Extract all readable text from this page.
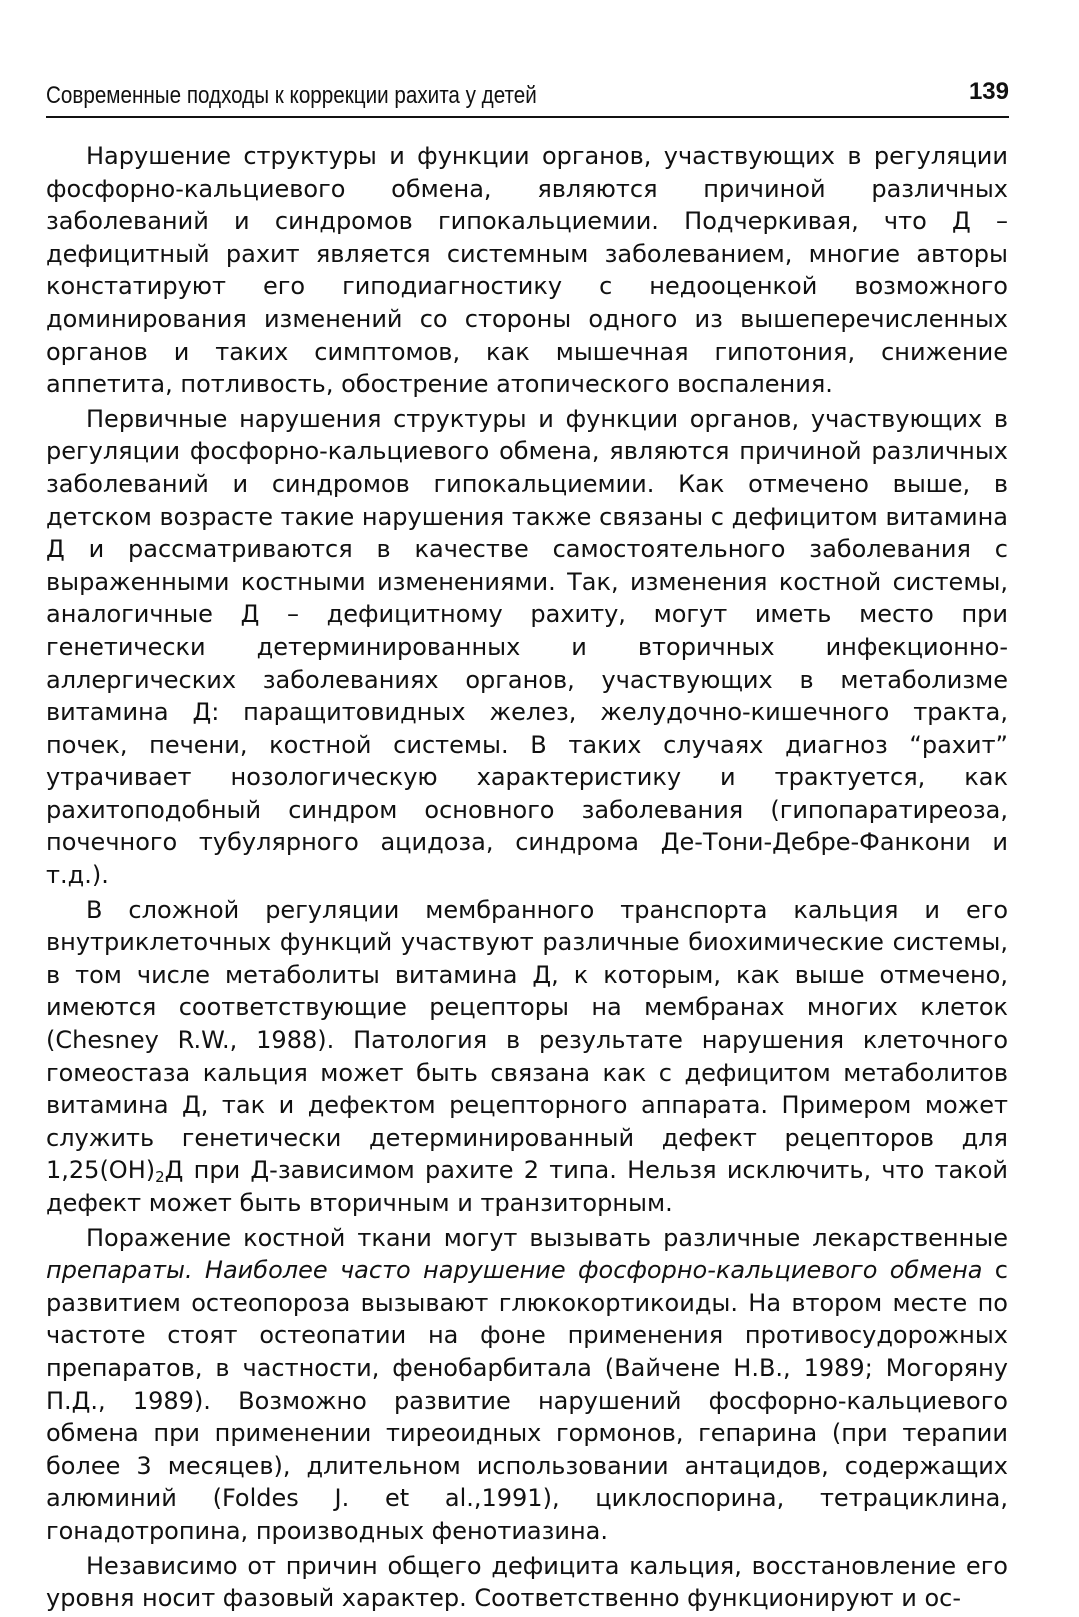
Современные подходы к коррекции рахита у детей	139

Нарушение структуры и функции органов, участвующих в регуляции фосфорно-кальциевого обмена, являются причиной различных заболеваний и синдромов гипокальциемии. Подчеркивая, что Д – дефицитный рахит является системным заболеванием, многие авторы констатируют его гиподиагностику с недооценкой возможного доминирования изменений со стороны одного из вышеперечисленных органов и таких симптомов, как мышечная гипотония, снижение аппетита, потливость, обострение атопического воспаления.

Первичные нарушения структуры и функции органов, участвующих в регуляции фосфорно-кальциевого обмена, являются причиной различных заболеваний и синдромов гипокальциемии. Как отмечено выше, в детском возрасте такие нарушения также связаны с дефицитом витамина Д и рассматриваются в качестве самостоятельного заболевания с выраженными костными изменениями. Так, изменения костной системы, аналогичные Д – дефицитному рахиту, могут иметь место при генетически детерминированных и вторичных инфекционно-аллергических заболеваниях органов, участвующих в метаболизме витамина Д: паращитовидных желез, желудочно-кишечного тракта, почек, печени, костной системы. В таких случаях диагноз “рахит” утрачивает нозологическую характеристику и трактуется, как рахитоподобный синдром основного заболевания (гипопаратиреоза, почечного тубулярного ацидоза, синдрома Де-Тони-Дебре-Фанкони и т.д.).

В сложной регуляции мембранного транспорта кальция и его внутриклеточных функций участвуют различные биохимические системы, в том числе метаболиты витамина Д, к которым, как выше отмечено, имеются соответствующие рецепторы на мембранах многих клеток (Chesney R.W., 1988). Патология в результате нарушения клеточного гомеостаза кальция может быть связана как с дефицитом метаболитов витамина Д, так и дефектом рецепторного аппарата. Примером может служить генетически детерминированный дефект рецепторов для $1,25(OH)_2Д$ при Д-зависимом рахите 2 типа. Нельзя исключить, что такой дефект может быть вторичным и транзиторным.

Поражение костной ткани могут вызывать различные лекарственные препараты. Наиболее часто нарушение фосфорно-кальциевого обмена с развитием остеопороза вызывают глюкокортикоиды. На втором месте по частоте стоят остеопатии на фоне применения противосудорожных препаратов, в частности, фенобарбитала (Вайчене Н.В., 1989; Могоряну П.Д., 1989). Возможно развитие нарушений фосфорно-кальциевого обмена при применении тиреоидных гормонов, гепарина (при терапии более 3 месяцев), длительном использовании антацидов, содержащих алюминий (Foldes J. et al.,1991), циклоспорина, тетрациклина, гонадотропина, производных фенотиазина.

Независимо от причин общего дефицита кальция, восстановление его уровня носит фазовый характер. Соответственно функционируют и ос-
